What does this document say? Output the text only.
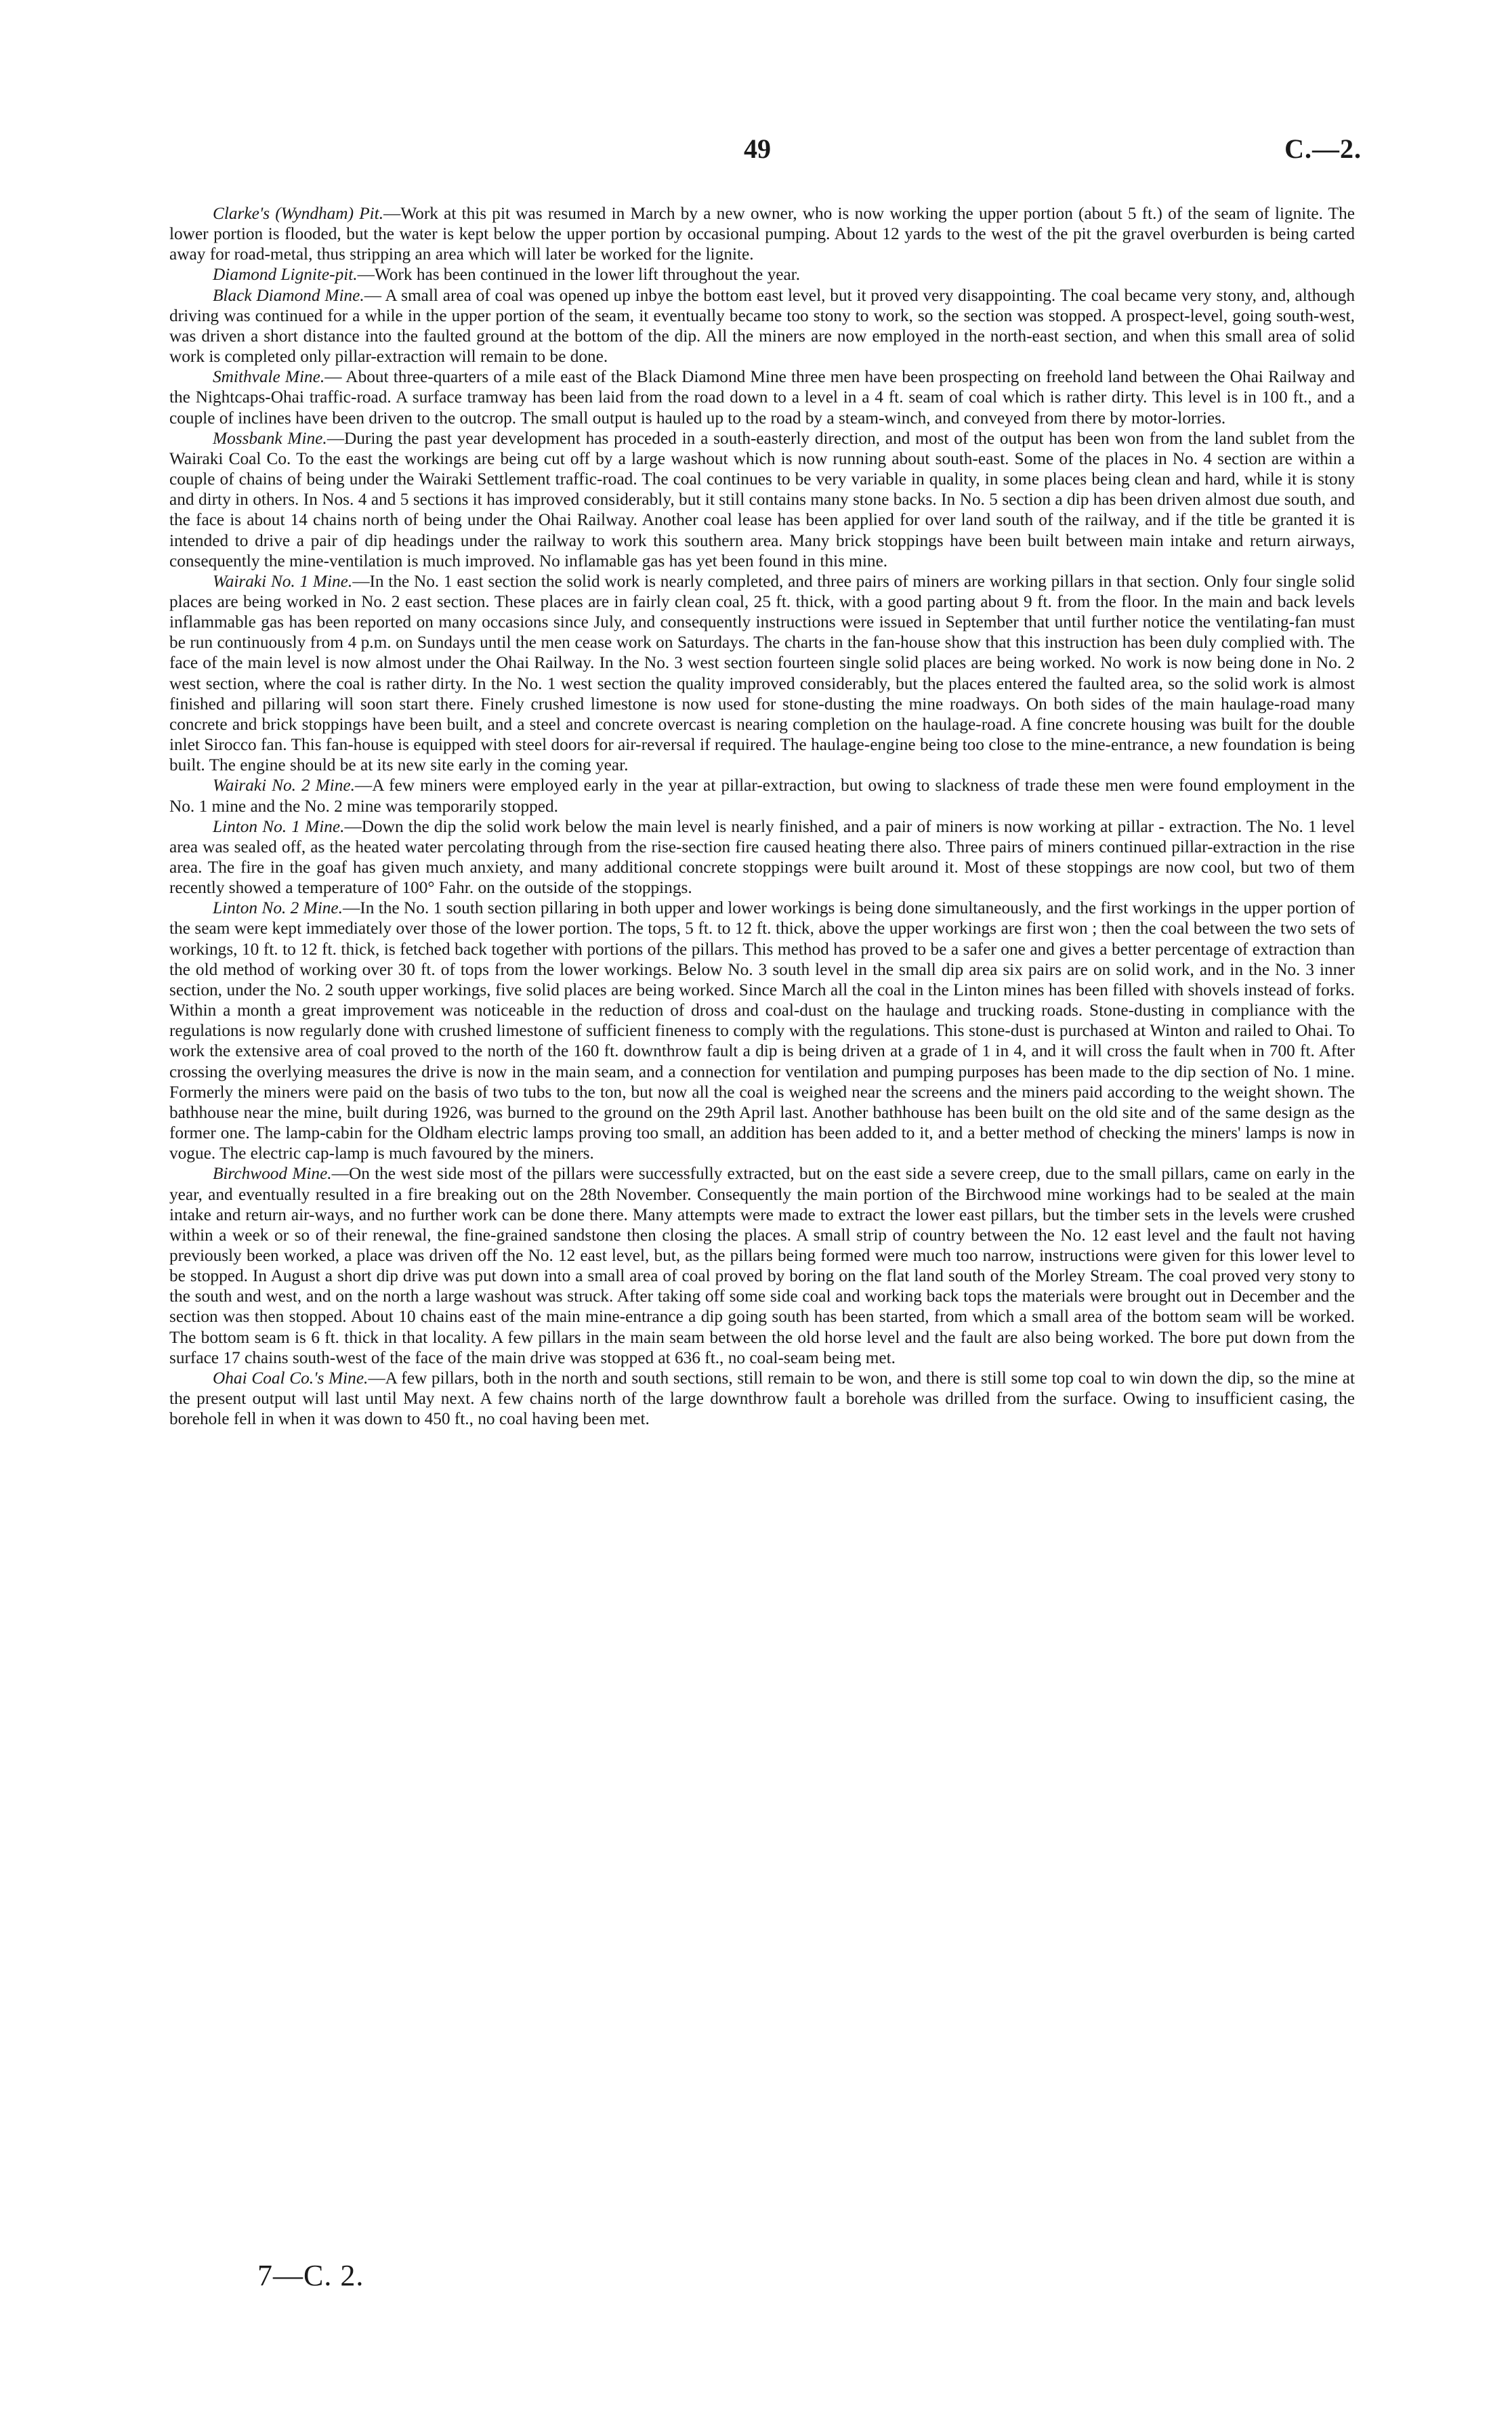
49	C.—2.

Clarke's (Wyndham) Pit.—Work at this pit was resumed in March by a new owner, who is now working the upper portion (about 5 ft.) of the seam of lignite. The lower portion is flooded, but the water is kept below the upper portion by occasional pumping. About 12 yards to the west of the pit the gravel overburden is being carted away for road-metal, thus stripping an area which will later be worked for the lignite.

Diamond Lignite-pit.—Work has been continued in the lower lift throughout the year.

Black Diamond Mine.— A small area of coal was opened up inbye the bottom east level, but it proved very disappointing. The coal became very stony, and, although driving was continued for a while in the upper portion of the seam, it eventually became too stony to work, so the section was stopped. A prospect-level, going south-west, was driven a short distance into the faulted ground at the bottom of the dip. All the miners are now employed in the north-east section, and when this small area of solid work is completed only pillar-extraction will remain to be done.

Smithvale Mine.— About three-quarters of a mile east of the Black Diamond Mine three men have been prospecting on freehold land between the Ohai Railway and the Nightcaps-Ohai traffic-road. A surface tramway has been laid from the road down to a level in a 4 ft. seam of coal which is rather dirty. This level is in 100 ft., and a couple of inclines have been driven to the outcrop. The small output is hauled up to the road by a steam-winch, and conveyed from there by motor-lorries.

Mossbank Mine.—During the past year development has proceded in a south-easterly direction, and most of the output has been won from the land sublet from the Wairaki Coal Co. To the east the workings are being cut off by a large washout which is now running about south-east. Some of the places in No. 4 section are within a couple of chains of being under the Wairaki Settlement traffic-road. The coal continues to be very variable in quality, in some places being clean and hard, while it is stony and dirty in others. In Nos. 4 and 5 sections it has improved considerably, but it still contains many stone backs. In No. 5 section a dip has been driven almost due south, and the face is about 14 chains north of being under the Ohai Railway. Another coal lease has been applied for over land south of the railway, and if the title be granted it is intended to drive a pair of dip headings under the railway to work this southern area. Many brick stoppings have been built between main intake and return airways, consequently the mine-ventilation is much improved. No inflamable gas has yet been found in this mine.

Wairaki No. 1 Mine.—In the No. 1 east section the solid work is nearly completed, and three pairs of miners are working pillars in that section. Only four single solid places are being worked in No. 2 east section. These places are in fairly clean coal, 25 ft. thick, with a good parting about 9 ft. from the floor. In the main and back levels inflammable gas has been reported on many occasions since July, and consequently instructions were issued in September that until further notice the ventilating-fan must be run continuously from 4 p.m. on Sundays until the men cease work on Saturdays. The charts in the fan-house show that this instruction has been duly complied with. The face of the main level is now almost under the Ohai Railway. In the No. 3 west section fourteen single solid places are being worked. No work is now being done in No. 2 west section, where the coal is rather dirty. In the No. 1 west section the quality improved considerably, but the places entered the faulted area, so the solid work is almost finished and pillaring will soon start there. Finely crushed limestone is now used for stone-dusting the mine roadways. On both sides of the main haulage-road many concrete and brick stoppings have been built, and a steel and concrete overcast is nearing completion on the haulage-road. A fine concrete housing was built for the double inlet Sirocco fan. This fan-house is equipped with steel doors for air-reversal if required. The haulage-engine being too close to the mine-entrance, a new foundation is being built. The engine should be at its new site early in the coming year.

Wairaki No. 2 Mine.—A few miners were employed early in the year at pillar-extraction, but owing to slackness of trade these men were found employment in the No. 1 mine and the No. 2 mine was temporarily stopped.

Linton No. 1 Mine.—Down the dip the solid work below the main level is nearly finished, and a pair of miners is now working at pillar - extraction. The No. 1 level area was sealed off, as the heated water percolating through from the rise-section fire caused heating there also. Three pairs of miners continued pillar-extraction in the rise area. The fire in the goaf has given much anxiety, and many additional concrete stoppings were built around it. Most of these stoppings are now cool, but two of them recently showed a temperature of 100° Fahr. on the outside of the stoppings.

Linton No. 2 Mine.—In the No. 1 south section pillaring in both upper and lower workings is being done simultaneously, and the first workings in the upper portion of the seam were kept immediately over those of the lower portion. The tops, 5 ft. to 12 ft. thick, above the upper workings are first won ; then the coal between the two sets of workings, 10 ft. to 12 ft. thick, is fetched back together with portions of the pillars. This method has proved to be a safer one and gives a better percentage of extraction than the old method of working over 30 ft. of tops from the lower workings. Below No. 3 south level in the small dip area six pairs are on solid work, and in the No. 3 inner section, under the No. 2 south upper workings, five solid places are being worked. Since March all the coal in the Linton mines has been filled with shovels instead of forks. Within a month a great improvement was noticeable in the reduction of dross and coal-dust on the haulage and trucking roads. Stone-dusting in compliance with the regulations is now regularly done with crushed limestone of sufficient fineness to comply with the regulations. This stone-dust is purchased at Winton and railed to Ohai. To work the extensive area of coal proved to the north of the 160 ft. downthrow fault a dip is being driven at a grade of 1 in 4, and it will cross the fault when in 700 ft. After crossing the overlying measures the drive is now in the main seam, and a connection for ventilation and pumping purposes has been made to the dip section of No. 1 mine. Formerly the miners were paid on the basis of two tubs to the ton, but now all the coal is weighed near the screens and the miners paid according to the weight shown. The bathhouse near the mine, built during 1926, was burned to the ground on the 29th April last. Another bathhouse has been built on the old site and of the same design as the former one. The lamp-cabin for the Oldham electric lamps proving too small, an addition has been added to it, and a better method of checking the miners' lamps is now in vogue. The electric cap-lamp is much favoured by the miners.

Birchwood Mine.—On the west side most of the pillars were successfully extracted, but on the east side a severe creep, due to the small pillars, came on early in the year, and eventually resulted in a fire breaking out on the 28th November. Consequently the main portion of the Birchwood mine workings had to be sealed at the main intake and return air-ways, and no further work can be done there. Many attempts were made to extract the lower east pillars, but the timber sets in the levels were crushed within a week or so of their renewal, the fine-grained sandstone then closing the places. A small strip of country between the No. 12 east level and the fault not having previously been worked, a place was driven off the No. 12 east level, but, as the pillars being formed were much too narrow, instructions were given for this lower level to be stopped. In August a short dip drive was put down into a small area of coal proved by boring on the flat land south of the Morley Stream. The coal proved very stony to the south and west, and on the north a large washout was struck. After taking off some side coal and working back tops the materials were brought out in December and the section was then stopped. About 10 chains east of the main mine-entrance a dip going south has been started, from which a small area of the bottom seam will be worked. The bottom seam is 6 ft. thick in that locality. A few pillars in the main seam between the old horse level and the fault are also being worked. The bore put down from the surface 17 chains south-west of the face of the main drive was stopped at 636 ft., no coal-seam being met.

Ohai Coal Co.'s Mine.—A few pillars, both in the north and south sections, still remain to be won, and there is still some top coal to win down the dip, so the mine at the present output will last until May next. A few chains north of the large downthrow fault a borehole was drilled from the surface. Owing to insufficient casing, the borehole fell in when it was down to 450 ft., no coal having been met.

7—C. 2.
